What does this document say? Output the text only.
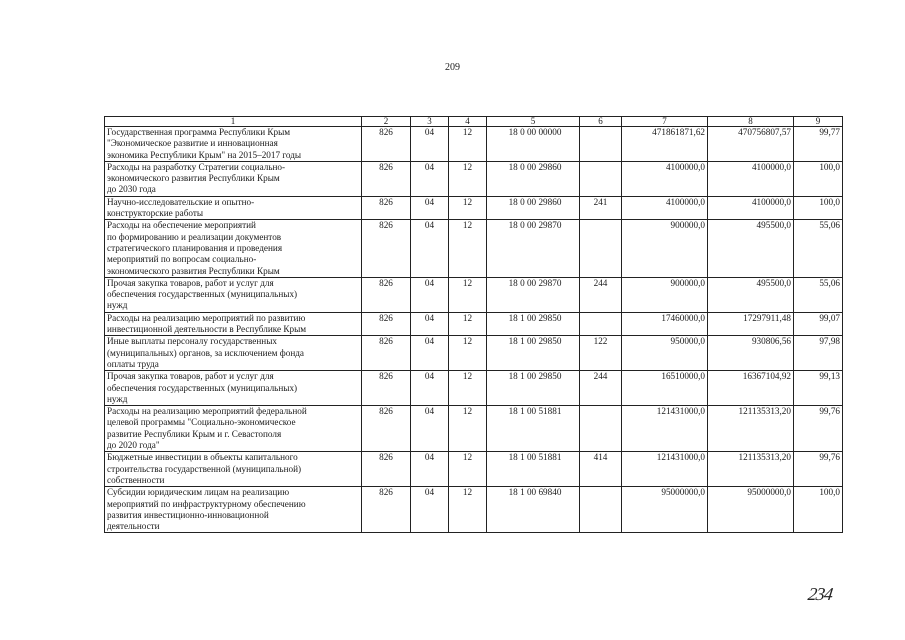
209
1	2	3	4	5	6	7	8	9
Государственная программа Республики Крым
"Экономическое развитие и инновационная
экономика Республики Крым" на 2015–2017 годы	826	04	12	18 0 00 00000		471861871,62	470756807,57	99,77
Расходы на разработку Стратегии социально-
экономического развития Республики Крым
до 2030 года	826	04	12	18 0 00 29860		4100000,0	4100000,0	100,0
Научно-исследовательские и опытно-
конструкторские работы	826	04	12	18 0 00 29860	241	4100000,0	4100000,0	100,0
Расходы на обеспечение мероприятий
по формированию и реализации документов
стратегического планирования и проведения
мероприятий по вопросам социально-
экономического развития Республики Крым	826	04	12	18 0 00 29870		900000,0	495500,0	55,06
Прочая закупка товаров, работ и услуг для
обеспечения государственных (муниципальных)
нужд	826	04	12	18 0 00 29870	244	900000,0	495500,0	55,06
Расходы на реализацию мероприятий по развитию
инвестиционной деятельности в Республике Крым	826	04	12	18 1 00 29850		17460000,0	17297911,48	99,07
Иные выплаты персоналу государственных
(муниципальных) органов, за исключением фонда
оплаты труда	826	04	12	18 1 00 29850	122	950000,0	930806,56	97,98
Прочая закупка товаров, работ и услуг для
обеспечения государственных (муниципальных)
нужд	826	04	12	18 1 00 29850	244	16510000,0	16367104,92	99,13
Расходы на реализацию мероприятий федеральной
целевой программы "Социально-экономическое
развитие Республики Крым и г. Севастополя
до 2020 года"	826	04	12	18 1 00 51881		121431000,0	121135313,20	99,76
Бюджетные инвестиции в объекты капитального
строительства государственной (муниципальной)
собственности	826	04	12	18 1 00 51881	414	121431000,0	121135313,20	99,76
Субсидии юридическим лицам на реализацию
мероприятий по инфраструктурному обеспечению
развития инвестиционно-инновационной
деятельности	826	04	12	18 1 00 69840		95000000,0	95000000,0	100,0
234
